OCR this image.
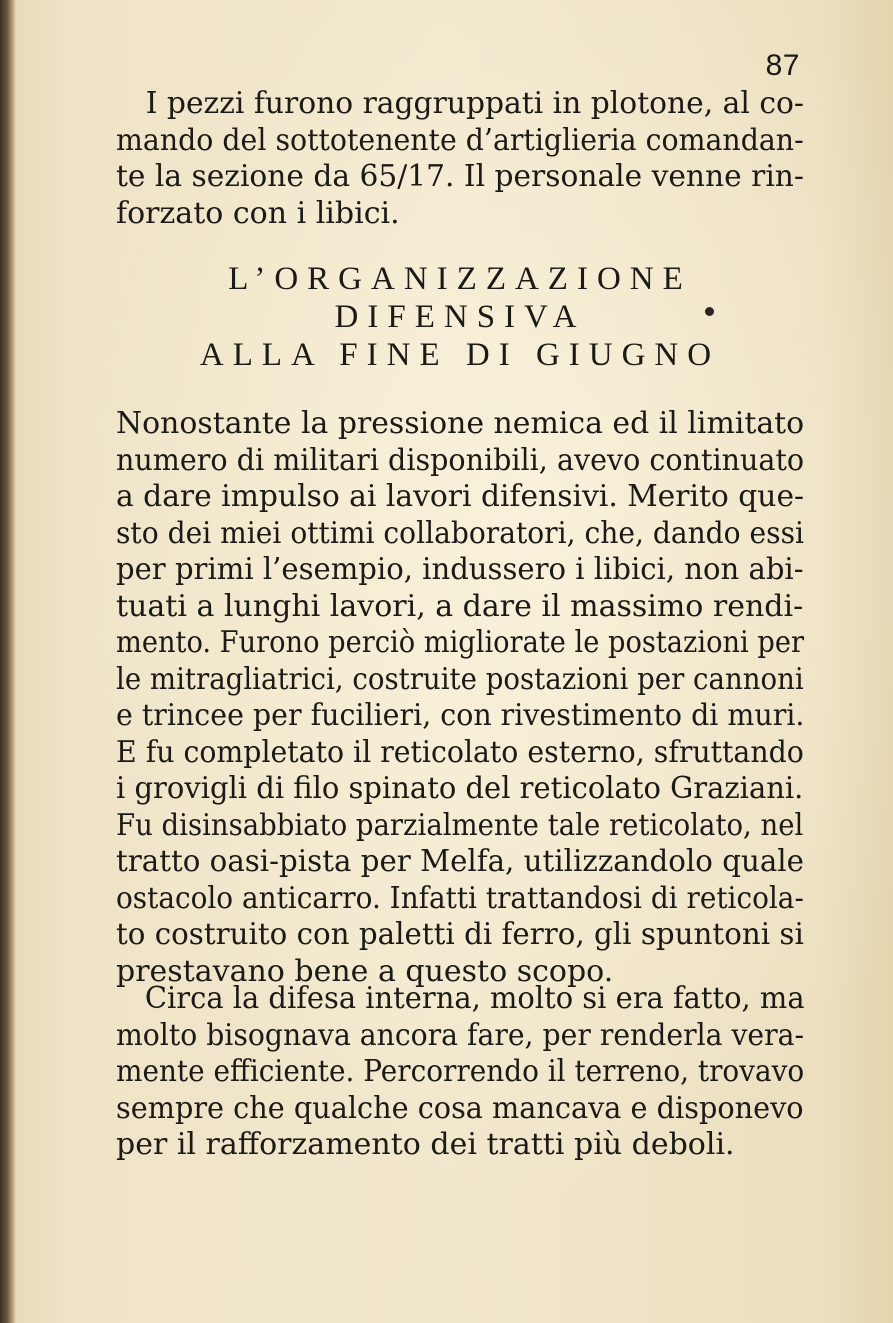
87
I pezzi furono raggruppati in plotone, al co-
mando del sottotenente d’artiglieria comandan-
te la sezione da 65/17. Il personale venne rin-
forzato con i libici.
L’ORGANIZZAZIONE
DIFENSIVA
ALLA FINE DI GIUGNO
Nonostante la pressione nemica ed il limitato
numero di militari disponibili, avevo continuato
a dare impulso ai lavori difensivi. Merito que-
sto dei miei ottimi collaboratori, che, dando essi
per primi l’esempio, indussero i libici, non abi-
tuati a lunghi lavori, a dare il massimo rendi-
mento. Furono perciò migliorate le postazioni per
le mitragliatrici, costruite postazioni per cannoni
e trincee per fucilieri, con rivestimento di muri.
E fu completato il reticolato esterno, sfruttando
i grovigli di filo spinato del reticolato Graziani.
Fu disinsabbiato parzialmente tale reticolato, nel
tratto oasi-pista per Melfa, utilizzandolo quale
ostacolo anticarro. Infatti trattandosi di reticola-
to costruito con paletti di ferro, gli spuntoni si
prestavano bene a questo scopo.
Circa la difesa interna, molto si era fatto, ma
molto bisognava ancora fare, per renderla vera-
mente efficiente. Percorrendo il terreno, trovavo
sempre che qualche cosa mancava e disponevo
per il rafforzamento dei tratti più deboli.
